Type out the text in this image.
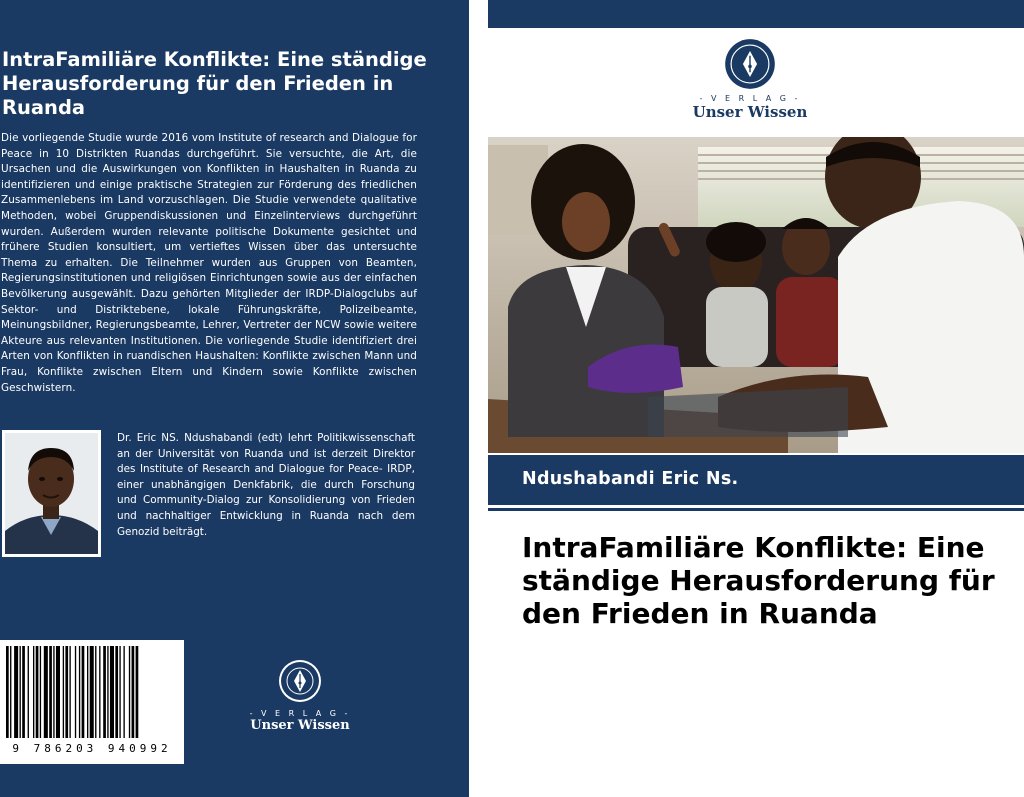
IntraFamiliäre Konflikte: Eine ständige Herausforderung für den Frieden in Ruanda

Die vorliegende Studie wurde 2016 vom Institute of research and Dialogue for Peace in 10 Distrikten Ruandas durchgeführt. Sie versuchte, die Art, die Ursachen und die Auswirkungen von Konflikten in Haushalten in Ruanda zu identifizieren und einige praktische Strategien zur Förderung des friedlichen Zusammenlebens im Land vorzuschlagen. Die Studie verwendete qualitative Methoden, wobei Gruppendiskussionen und Einzelinterviews durchgeführt wurden. Außerdem wurden relevante politische Dokumente gesichtet und frühere Studien konsultiert, um vertieftes Wissen über das untersuchte Thema zu erhalten. Die Teilnehmer wurden aus Gruppen von Beamten, Regierungsinstitutionen und religiösen Einrichtungen sowie aus der einfachen Bevölkerung ausgewählt. Dazu gehörten Mitglieder der IRDP-Dialogclubs auf Sektor- und Distriktebene, lokale Führungskräfte, Polizeibeamte, Meinungsbildner, Regierungsbeamte, Lehrer, Vertreter der NCW sowie weitere Akteure aus relevanten Institutionen. Die vorliegende Studie identifiziert drei Arten von Konflikten in ruandischen Haushalten: Konflikte zwischen Mann und Frau, Konflikte zwischen Eltern und Kindern sowie Konflikte zwischen Geschwistern.

Dr. Eric NS. Ndushabandi (edt) lehrt Politikwissenschaft an der Universität von Ruanda und ist derzeit Direktor des Institute of Research and Dialogue for Peace- IRDP, einer unabhängigen Denkfabrik, die durch Forschung und Community-Dialog zur Konsolidierung von Frieden und nachhaltiger Entwicklung in Ruanda nach dem Genozid beiträgt.

9 786203 940992
- V E R L A G -
Unser Wissen
- V E R L A G -
Unser Wissen
Ndushabandi Eric Ns.
IntraFamiliäre Konflikte: Eine ständige Herausforderung für den Frieden in Ruanda
